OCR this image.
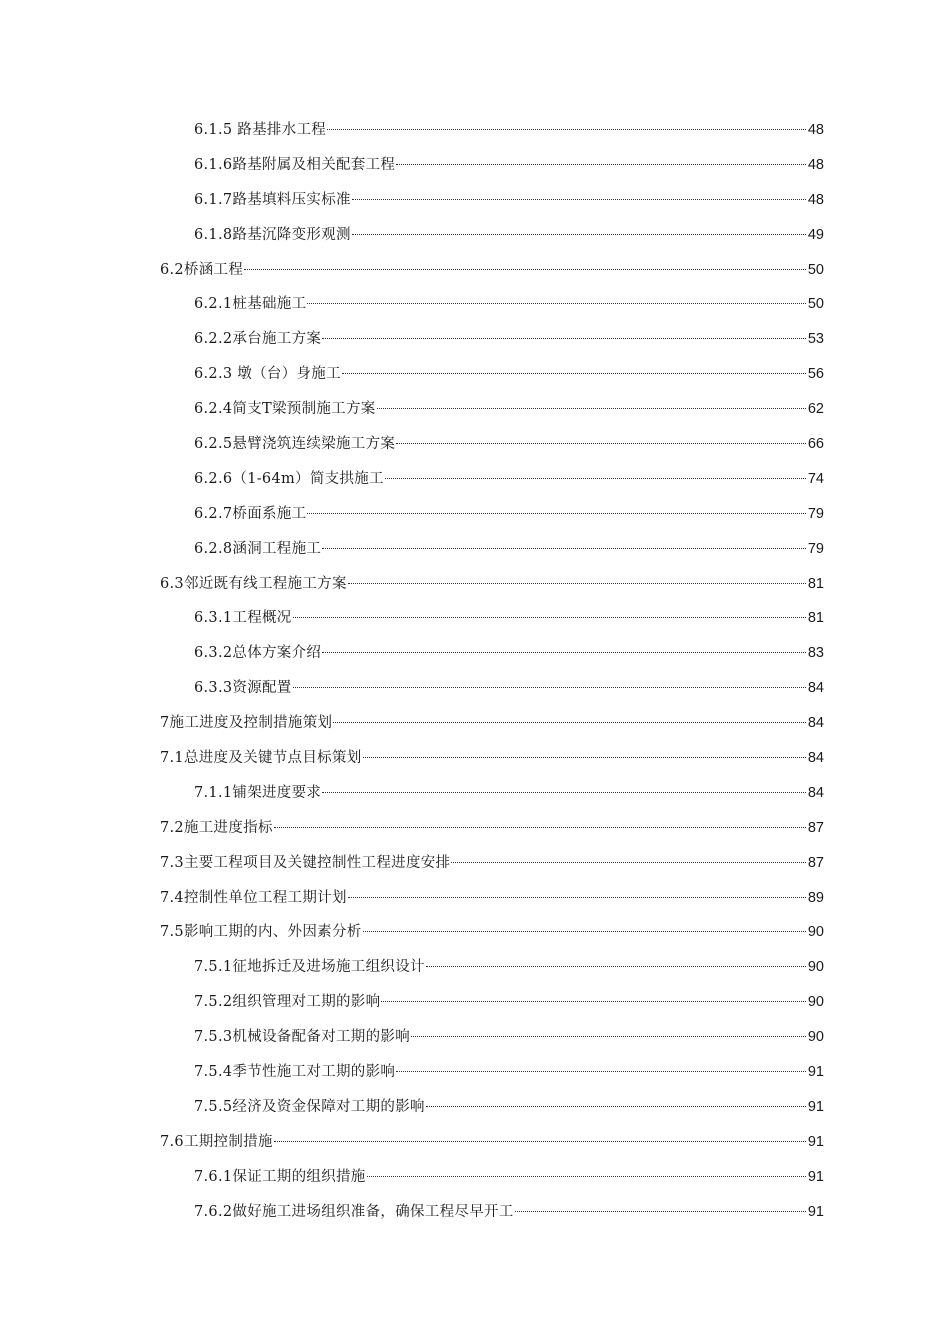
6.1.5 路基排水工程	48
6.1.6路基附属及相关配套工程	48
6.1.7路基填料压实标准	48
6.1.8路基沉降变形观测	49
6.2桥涵工程	50
6.2.1桩基础施工	50
6.2.2承台施工方案	53
6.2.3 墩（台）身施工	56
6.2.4简支T梁预制施工方案	62
6.2.5悬臂浇筑连续梁施工方案	66
6.2.6（1-64m）简支拱施工	74
6.2.7桥面系施工	79
6.2.8涵洞工程施工	79
6.3邻近既有线工程施工方案	81
6.3.1工程概况	81
6.3.2总体方案介绍	83
6.3.3资源配置	84
7施工进度及控制措施策划	84
7.1总进度及关键节点目标策划	84
7.1.1铺架进度要求	84
7.2施工进度指标	87
7.3主要工程项目及关键控制性工程进度安排	87
7.4控制性单位工程工期计划	89
7.5影响工期的内、外因素分析	90
7.5.1征地拆迁及进场施工组织设计	90
7.5.2组织管理对工期的影响	90
7.5.3机械设备配备对工期的影响	90
7.5.4季节性施工对工期的影响	91
7.5.5经济及资金保障对工期的影响	91
7.6工期控制措施	91
7.6.1保证工期的组织措施	91
7.6.2做好施工进场组织准备，确保工程尽早开工	91
